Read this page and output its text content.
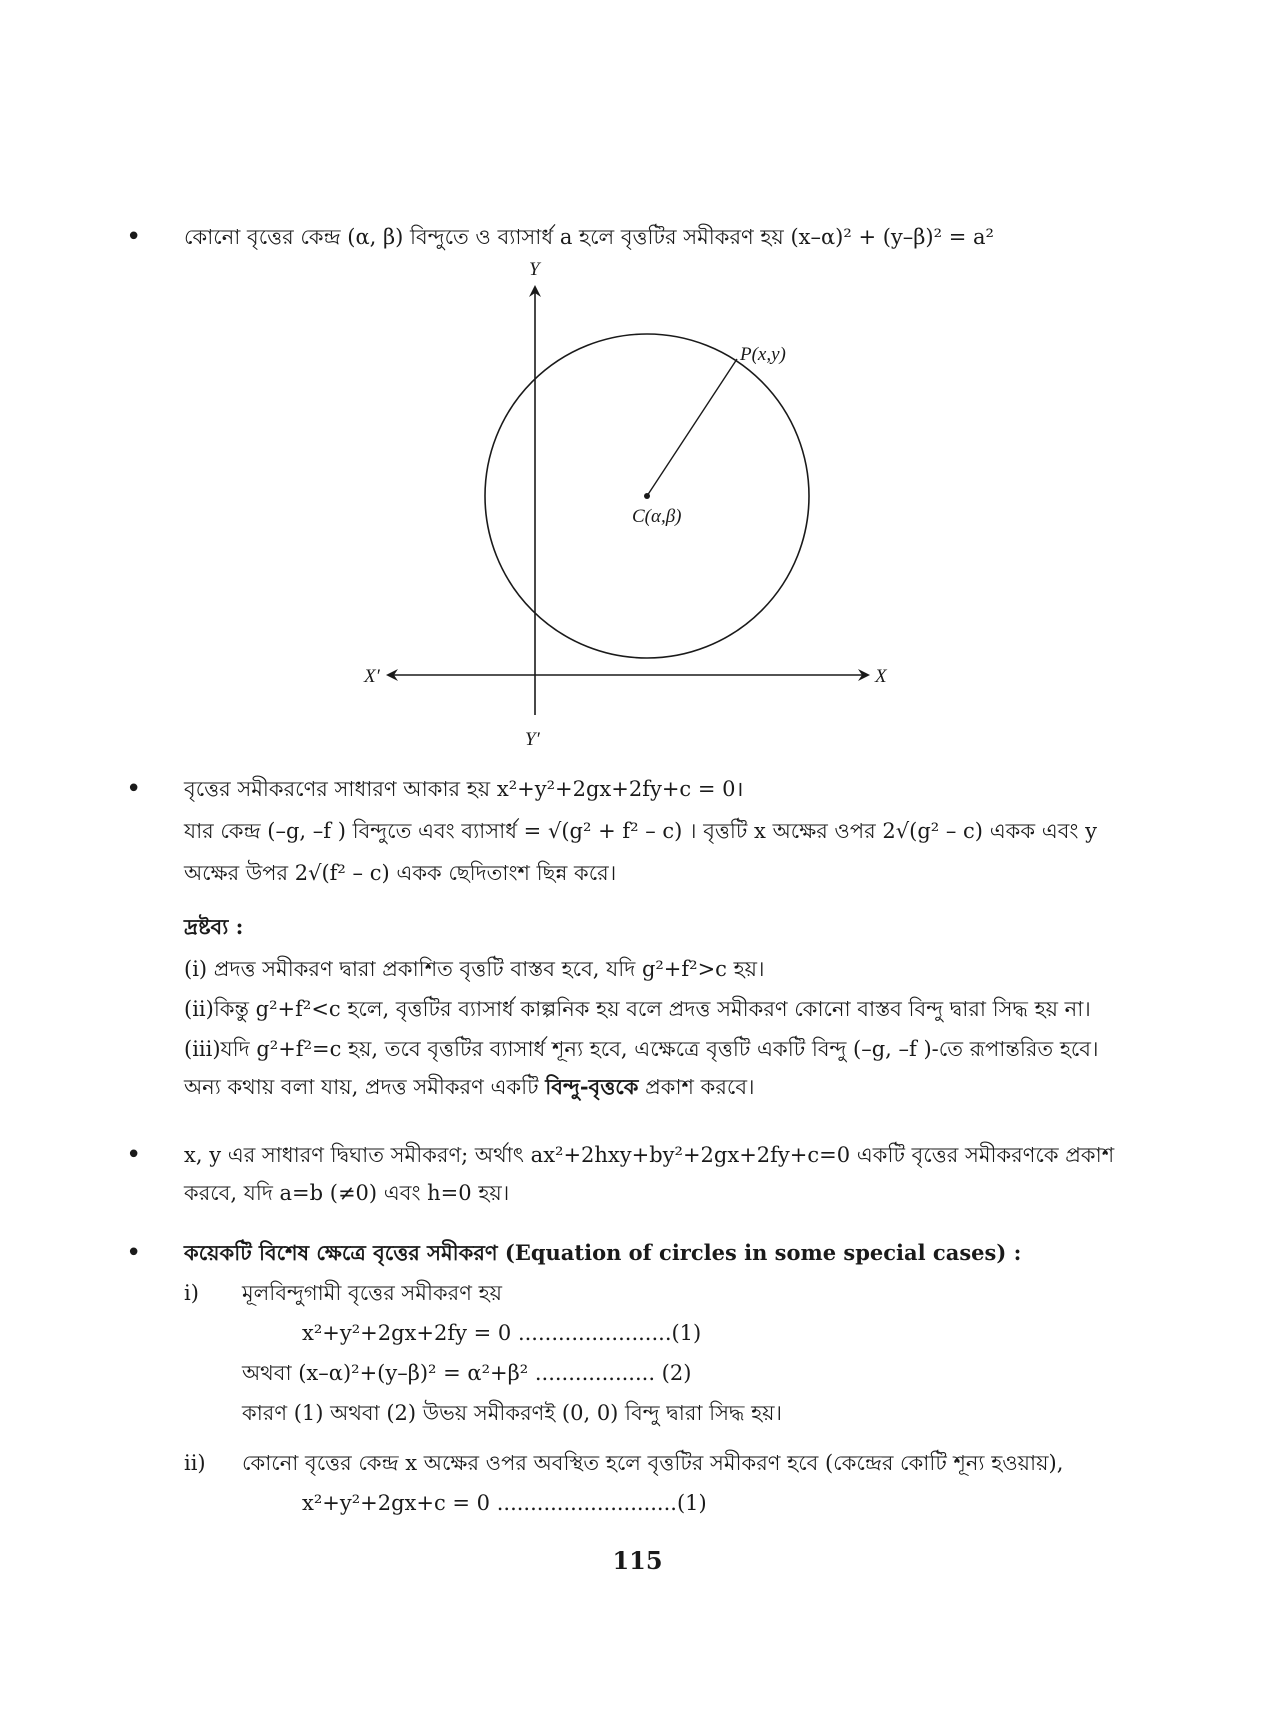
• কোনো বৃত্তের কেন্দ্র (α, β) বিন্দুতে ও ব্যাসার্ধ a হলে বৃত্তটির সমীকরণ হয় (x–α)² + (y–β)² = a²
Y
Y′
X
X′
P(x,y)
C(α,β)
• বৃত্তের সমীকরণের সাধারণ আকার হয় x²+y²+2gx+2fy+c = 0।
যার কেন্দ্র (–g, –f ) বিন্দুতে এবং ব্যাসার্ধ = √(g² + f² – c) । বৃত্তটি x অক্ষের ওপর 2√(g² – c) একক এবং y
অক্ষের উপর 2√(f² – c) একক ছেদিতাংশ ছিন্ন করে।
দ্রষ্টব্য :
(i) প্রদত্ত সমীকরণ দ্বারা প্রকাশিত বৃত্তটি বাস্তব হবে, যদি g²+f²>c হয়।
(ii)কিন্তু g²+f²<c হলে, বৃত্তটির ব্যাসার্ধ কাল্পনিক হয় বলে প্রদত্ত সমীকরণ কোনো বাস্তব বিন্দু দ্বারা সিদ্ধ হয় না।
(iii)যদি g²+f²=c হয়, তবে বৃত্তটির ব্যাসার্ধ শূন্য হবে, এক্ষেত্রে বৃত্তটি একটি বিন্দু (–g, –f )-তে রূপান্তরিত হবে।
অন্য কথায় বলা যায়, প্রদত্ত সমীকরণ একটি বিন্দু-বৃত্তকে প্রকাশ করবে।
• x, y এর সাধারণ দ্বিঘাত সমীকরণ; অর্থাৎ ax²+2hxy+by²+2gx+2fy+c=0 একটি বৃত্তের সমীকরণকে প্রকাশ
করবে, যদি a=b (≠0) এবং h=0 হয়।
• কয়েকটি বিশেষ ক্ষেত্রে বৃত্তের সমীকরণ (Equation of circles in some special cases) :
i) মূলবিন্দুগামী বৃত্তের সমীকরণ হয়
x²+y²+2gx+2fy = 0 .......................(1)
অথবা (x–α)²+(y–β)² = α²+β² .................. (2)
কারণ (1) অথবা (2) উভয় সমীকরণই (0, 0) বিন্দু দ্বারা সিদ্ধ হয়।
ii) কোনো বৃত্তের কেন্দ্র x অক্ষের ওপর অবস্থিত হলে বৃত্তটির সমীকরণ হবে (কেন্দ্রের কোটি শূন্য হওয়ায়),
x²+y²+2gx+c = 0 ...........................(1)
115
